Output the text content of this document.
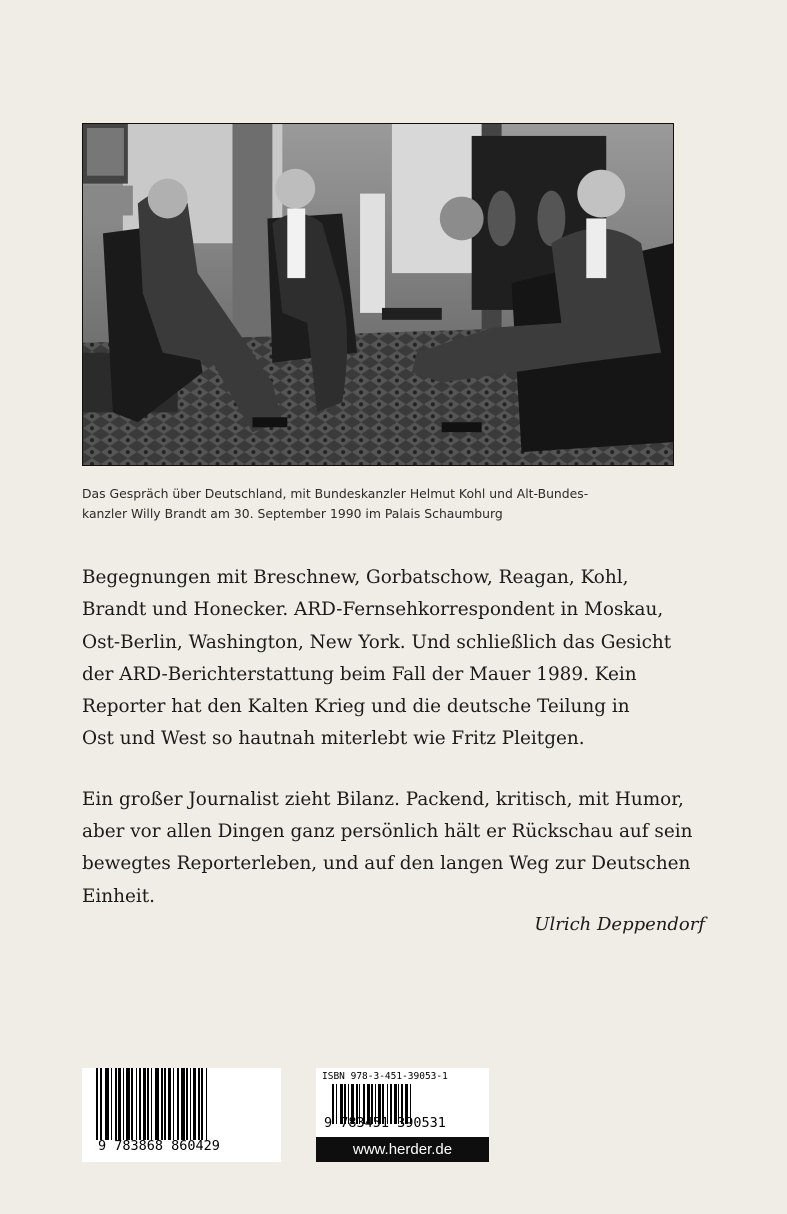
Das Gespräch über Deutschland, mit Bundeskanzler Helmut Kohl und Alt-Bundes-

kanzler Willy Brandt am 30. September 1990 im Palais Schaumburg

Begegnungen mit Breschnew, Gorbatschow, Reagan, Kohl,

Brandt und Honecker. ARD-Fernsehkorrespondent in Moskau,

Ost-Berlin, Washington, New York. Und schließlich das Gesicht

der ARD-Berichterstattung beim Fall der Mauer 1989. Kein

Reporter hat den Kalten Krieg und die deutsche Teilung in

Ost und West so hautnah miterlebt wie Fritz Pleitgen.

Ein großer Journalist zieht Bilanz. Packend, kritisch, mit Humor,

aber vor allen Dingen ganz persönlich hält er Rückschau auf sein

bewegtes Reporterleben, und auf den langen Weg zur Deutschen

Einheit.

Ulrich Deppendorf
9 783868 860429
ISBN 978-3-451-39053-1
9 783451 390531
www.herder.de
